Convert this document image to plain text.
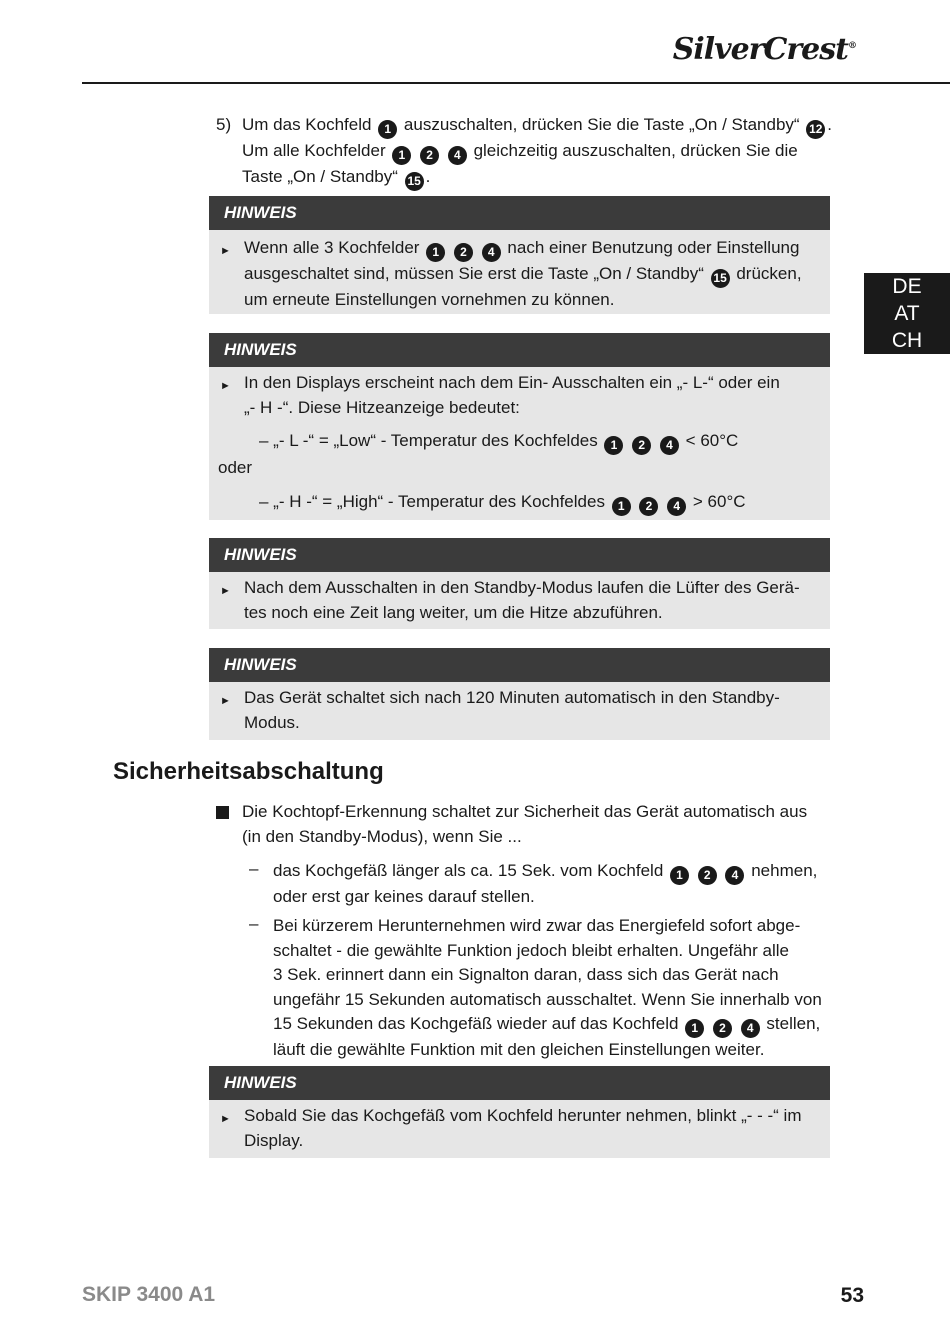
SilverCrest®
DE
AT
CH
5) Um das Kochfeld 1 auszuschalten, drücken Sie die Taste „On / Standby“ 12 .
Um alle Kochfelder 1 2 4 gleichzeitig auszuschalten, drücken Sie die
Taste „On / Standby“ 15 .
HINWEIS
► Wenn alle 3 Kochfelder 1 2 4 nach einer Benutzung oder Einstellung
ausgeschaltet sind, müssen Sie erst die Taste „On / Standby“ 15 drücken,
um erneute Einstellungen vornehmen zu können.
HINWEIS
► In den Displays erscheint nach dem Ein- Ausschalten ein „- L-“ oder ein
„- H -“. Diese Hitzeanzeige bedeutet:
– „- L -“ = „Low“ - Temperatur des Kochfeldes 1 2 4 < 60°C
oder
– „- H -“ = „High“ - Temperatur des Kochfeldes 1 2 4 > 60°C
HINWEIS
► Nach dem Ausschalten in den Standby-Modus laufen die Lüfter des Gerä-
tes noch eine Zeit lang weiter, um die Hitze abzuführen.
HINWEIS
► Das Gerät schaltet sich nach 120 Minuten automatisch in den Standby-
Modus.
Sicherheitsabschaltung
Die Kochtopf-Erkennung schaltet zur Sicherheit das Gerät automatisch aus
(in den Standby-Modus), wenn Sie ...
– das Kochgefäß länger als ca. 15 Sek. vom Kochfeld 1 2 4 nehmen,
oder erst gar keines darauf stellen.
– Bei kürzerem Herunternehmen wird zwar das Energiefeld sofort abge-
schaltet - die gewählte Funktion jedoch bleibt erhalten. Ungefähr alle
3 Sek. erinnert dann ein Signalton daran, dass sich das Gerät nach
ungefähr 15 Sekunden automatisch ausschaltet. Wenn Sie innerhalb von
15 Sekunden das Kochgefäß wieder auf das Kochfeld 1 2 4 stellen,
läuft die gewählte Funktion mit den gleichen Einstellungen weiter.
HINWEIS
► Sobald Sie das Kochgefäß vom Kochfeld herunter nehmen, blinkt „- - -“ im
Display.
SKIP 3400 A1	53
